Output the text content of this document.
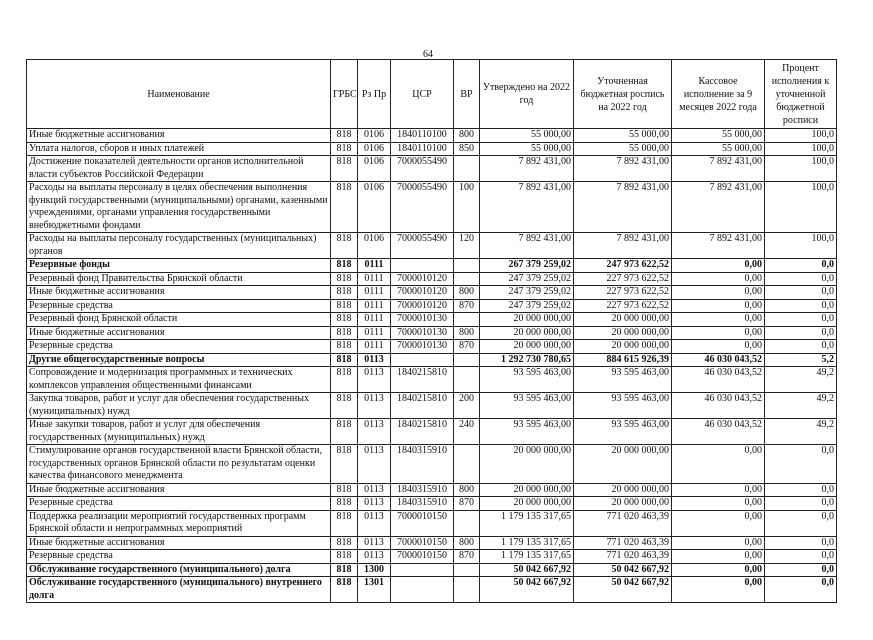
64
Наименование	ГРБС	Рз Пр	ЦСР	ВР	Утверждено на 2022 год	Уточненная бюджетная роспись на 2022 год	Кассовое исполнение за 9 месяцев 2022 года	Процент исполнения к уточненной бюджетной росписи
Иные бюджетные ассигнования	818	0106	1840110100	800	55 000,00	55 000,00	55 000,00	100,0
Уплата налогов, сборов и иных платежей	818	0106	1840110100	850	55 000,00	55 000,00	55 000,00	100,0
Достижение показателей деятельности органов исполнительной власти субъектов Российской Федерации	818	0106	7000055490		7 892 431,00	7 892 431,00	7 892 431,00	100,0
Расходы на выплаты персоналу в целях обеспечения выполнения функций государственными (муниципальными) органами, казенными учреждениями, органами управления государственными внебюджетными фондами	818	0106	7000055490	100	7 892 431,00	7 892 431,00	7 892 431,00	100,0
Расходы на выплаты персоналу государственных (муниципальных) органов	818	0106	7000055490	120	7 892 431,00	7 892 431,00	7 892 431,00	100,0
Резервные фонды	818	0111			267 379 259,02	247 973 622,52	0,00	0,0
Резервный фонд Правительства Брянской области	818	0111	7000010120		247 379 259,02	227 973 622,52	0,00	0,0
Иные бюджетные ассигнования	818	0111	7000010120	800	247 379 259,02	227 973 622,52	0,00	0,0
Резервные средства	818	0111	7000010120	870	247 379 259,02	227 973 622,52	0,00	0,0
Резервный фонд Брянской области	818	0111	7000010130		20 000 000,00	20 000 000,00	0,00	0,0
Иные бюджетные ассигнования	818	0111	7000010130	800	20 000 000,00	20 000 000,00	0,00	0,0
Резервные средства	818	0111	7000010130	870	20 000 000,00	20 000 000,00	0,00	0,0
Другие общегосударственные вопросы	818	0113			1 292 730 780,65	884 615 926,39	46 030 043,52	5,2
Сопровождение и модернизация программных и технических комплексов управления общественными финансами	818	0113	1840215810		93 595 463,00	93 595 463,00	46 030 043,52	49,2
Закупка товаров, работ и услуг для обеспечения государственных (муниципальных) нужд	818	0113	1840215810	200	93 595 463,00	93 595 463,00	46 030 043,52	49,2
Иные закупки товаров, работ и услуг для обеспечения государственных (муниципальных) нужд	818	0113	1840215810	240	93 595 463,00	93 595 463,00	46 030 043,52	49,2
Стимулирование органов государственной власти Брянской области, государственных органов Брянской области по результатам оценки качества финансового менеджмента	818	0113	1840315910		20 000 000,00	20 000 000,00	0,00	0,0
Иные бюджетные ассигнования	818	0113	1840315910	800	20 000 000,00	20 000 000,00	0,00	0,0
Резервные средства	818	0113	1840315910	870	20 000 000,00	20 000 000,00	0,00	0,0
Поддержка реализации мероприятий государственных программ Брянской области и непрограммных мероприятий	818	0113	7000010150		1 179 135 317,65	771 020 463,39	0,00	0,0
Иные бюджетные ассигнования	818	0113	7000010150	800	1 179 135 317,65	771 020 463,39	0,00	0,0
Резервные средства	818	0113	7000010150	870	1 179 135 317,65	771 020 463,39	0,00	0,0
Обслуживание государственного (муниципального) долга	818	1300			50 042 667,92	50 042 667,92	0,00	0,0
Обслуживание государственного (муниципального) внутреннего долга	818	1301			50 042 667,92	50 042 667,92	0,00	0,0
